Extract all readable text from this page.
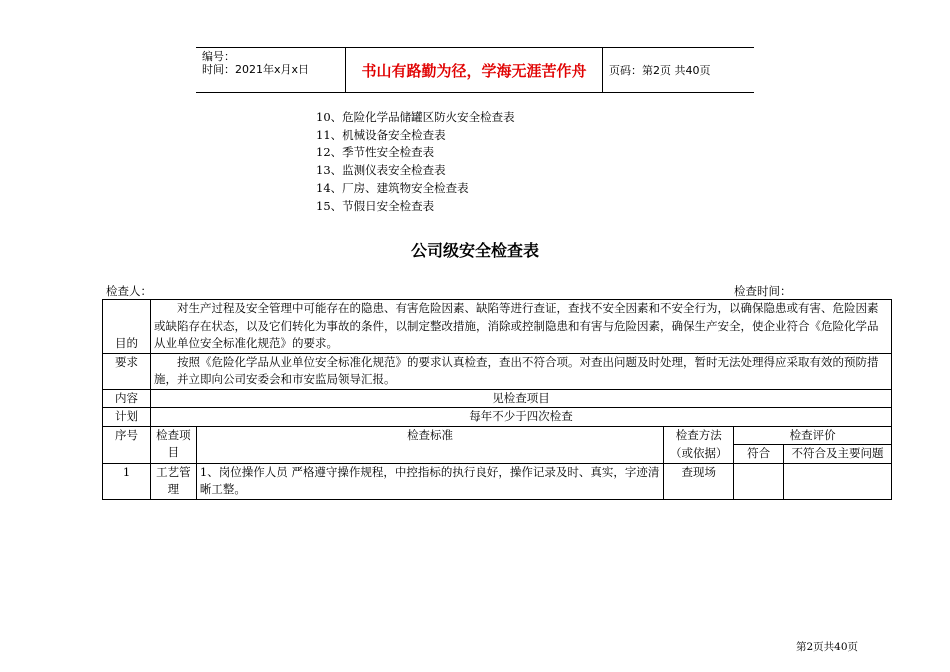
编号：
时间：2021年x月x日	书山有路勤为径，学海无涯苦作舟	页码：第2页 共40页
10、危险化学品储罐区防火安全检查表
11、机械设备安全检查表
12、季节性安全检查表
13、监测仪表安全检查表
14、厂房、建筑物安全检查表
15、节假日安全检查表
公司级安全检查表
检查人：	检查时间：
目的	对生产过程及安全管理中可能存在的隐患、有害危险因素、缺陷等进行查证，查找不安全因素和不安全行为，以确保隐患或有害、危险因素或缺陷存在状态，以及它们转化为事故的条件，以制定整改措施，消除或控制隐患和有害与危险因素，确保生产安全，使企业符合《危险化学品从业单位安全标准化规范》的要求。				
要求	按照《危险化学品从业单位安全标准化规范》的要求认真检查，查出不符合项。对查出问题及时处理，暂时无法处理得应采取有效的预防措施，并立即向公司安委会和市安监局领导汇报。				
内容	见检查项目				
计划	每年不少于四次检查				
序号	检查项目	检查标准	检查方法（或依据）	检查评价	
				符合	不符合及主要问题
1	工艺管理	1、岗位操作人员 严格遵守操作规程，中控指标的执行良好，操作记录及时、真实，字迹清晰工整。	查现场		
第2页共40页
